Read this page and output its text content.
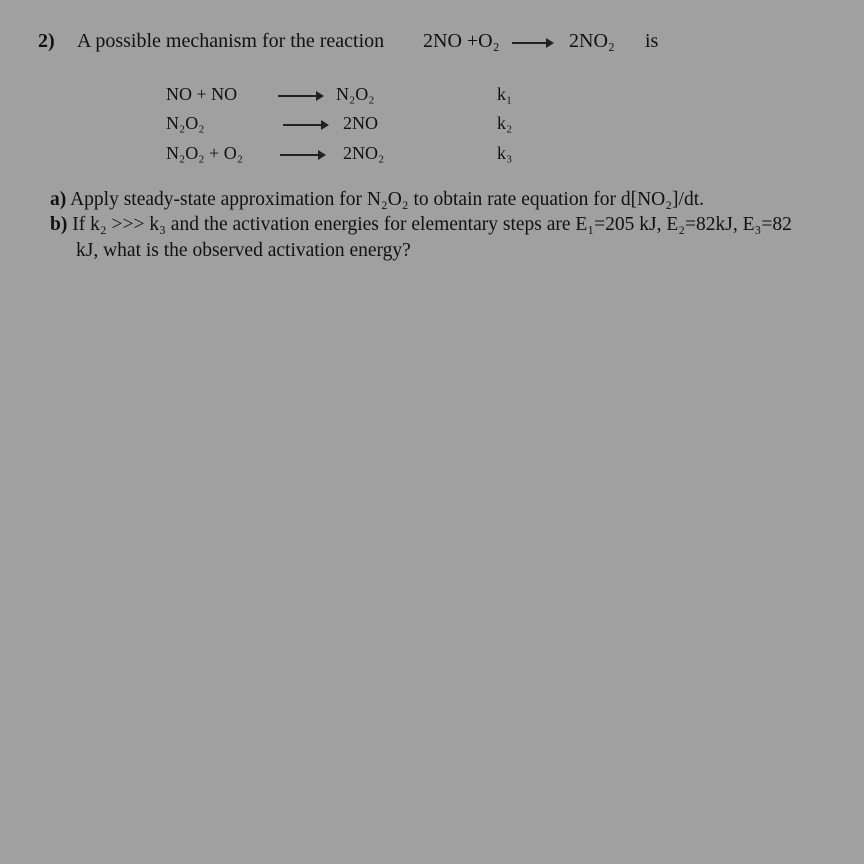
2) A possible mechanism for the reaction 2NO +O₂	2NO₂ is
NO + NO	N₂O₂	k₁
N₂O₂	2NO	k₂
N₂O₂ + O₂	2NO₂	k₃
a) Apply steady-state approximation for N₂O₂ to obtain rate equation for d[NO₂]/dt.
b) If k₂ >>> k₃ and the activation energies for elementary steps are E₁=205 kJ, E₂=82kJ, E₃=82
kJ, what is the observed activation energy?
